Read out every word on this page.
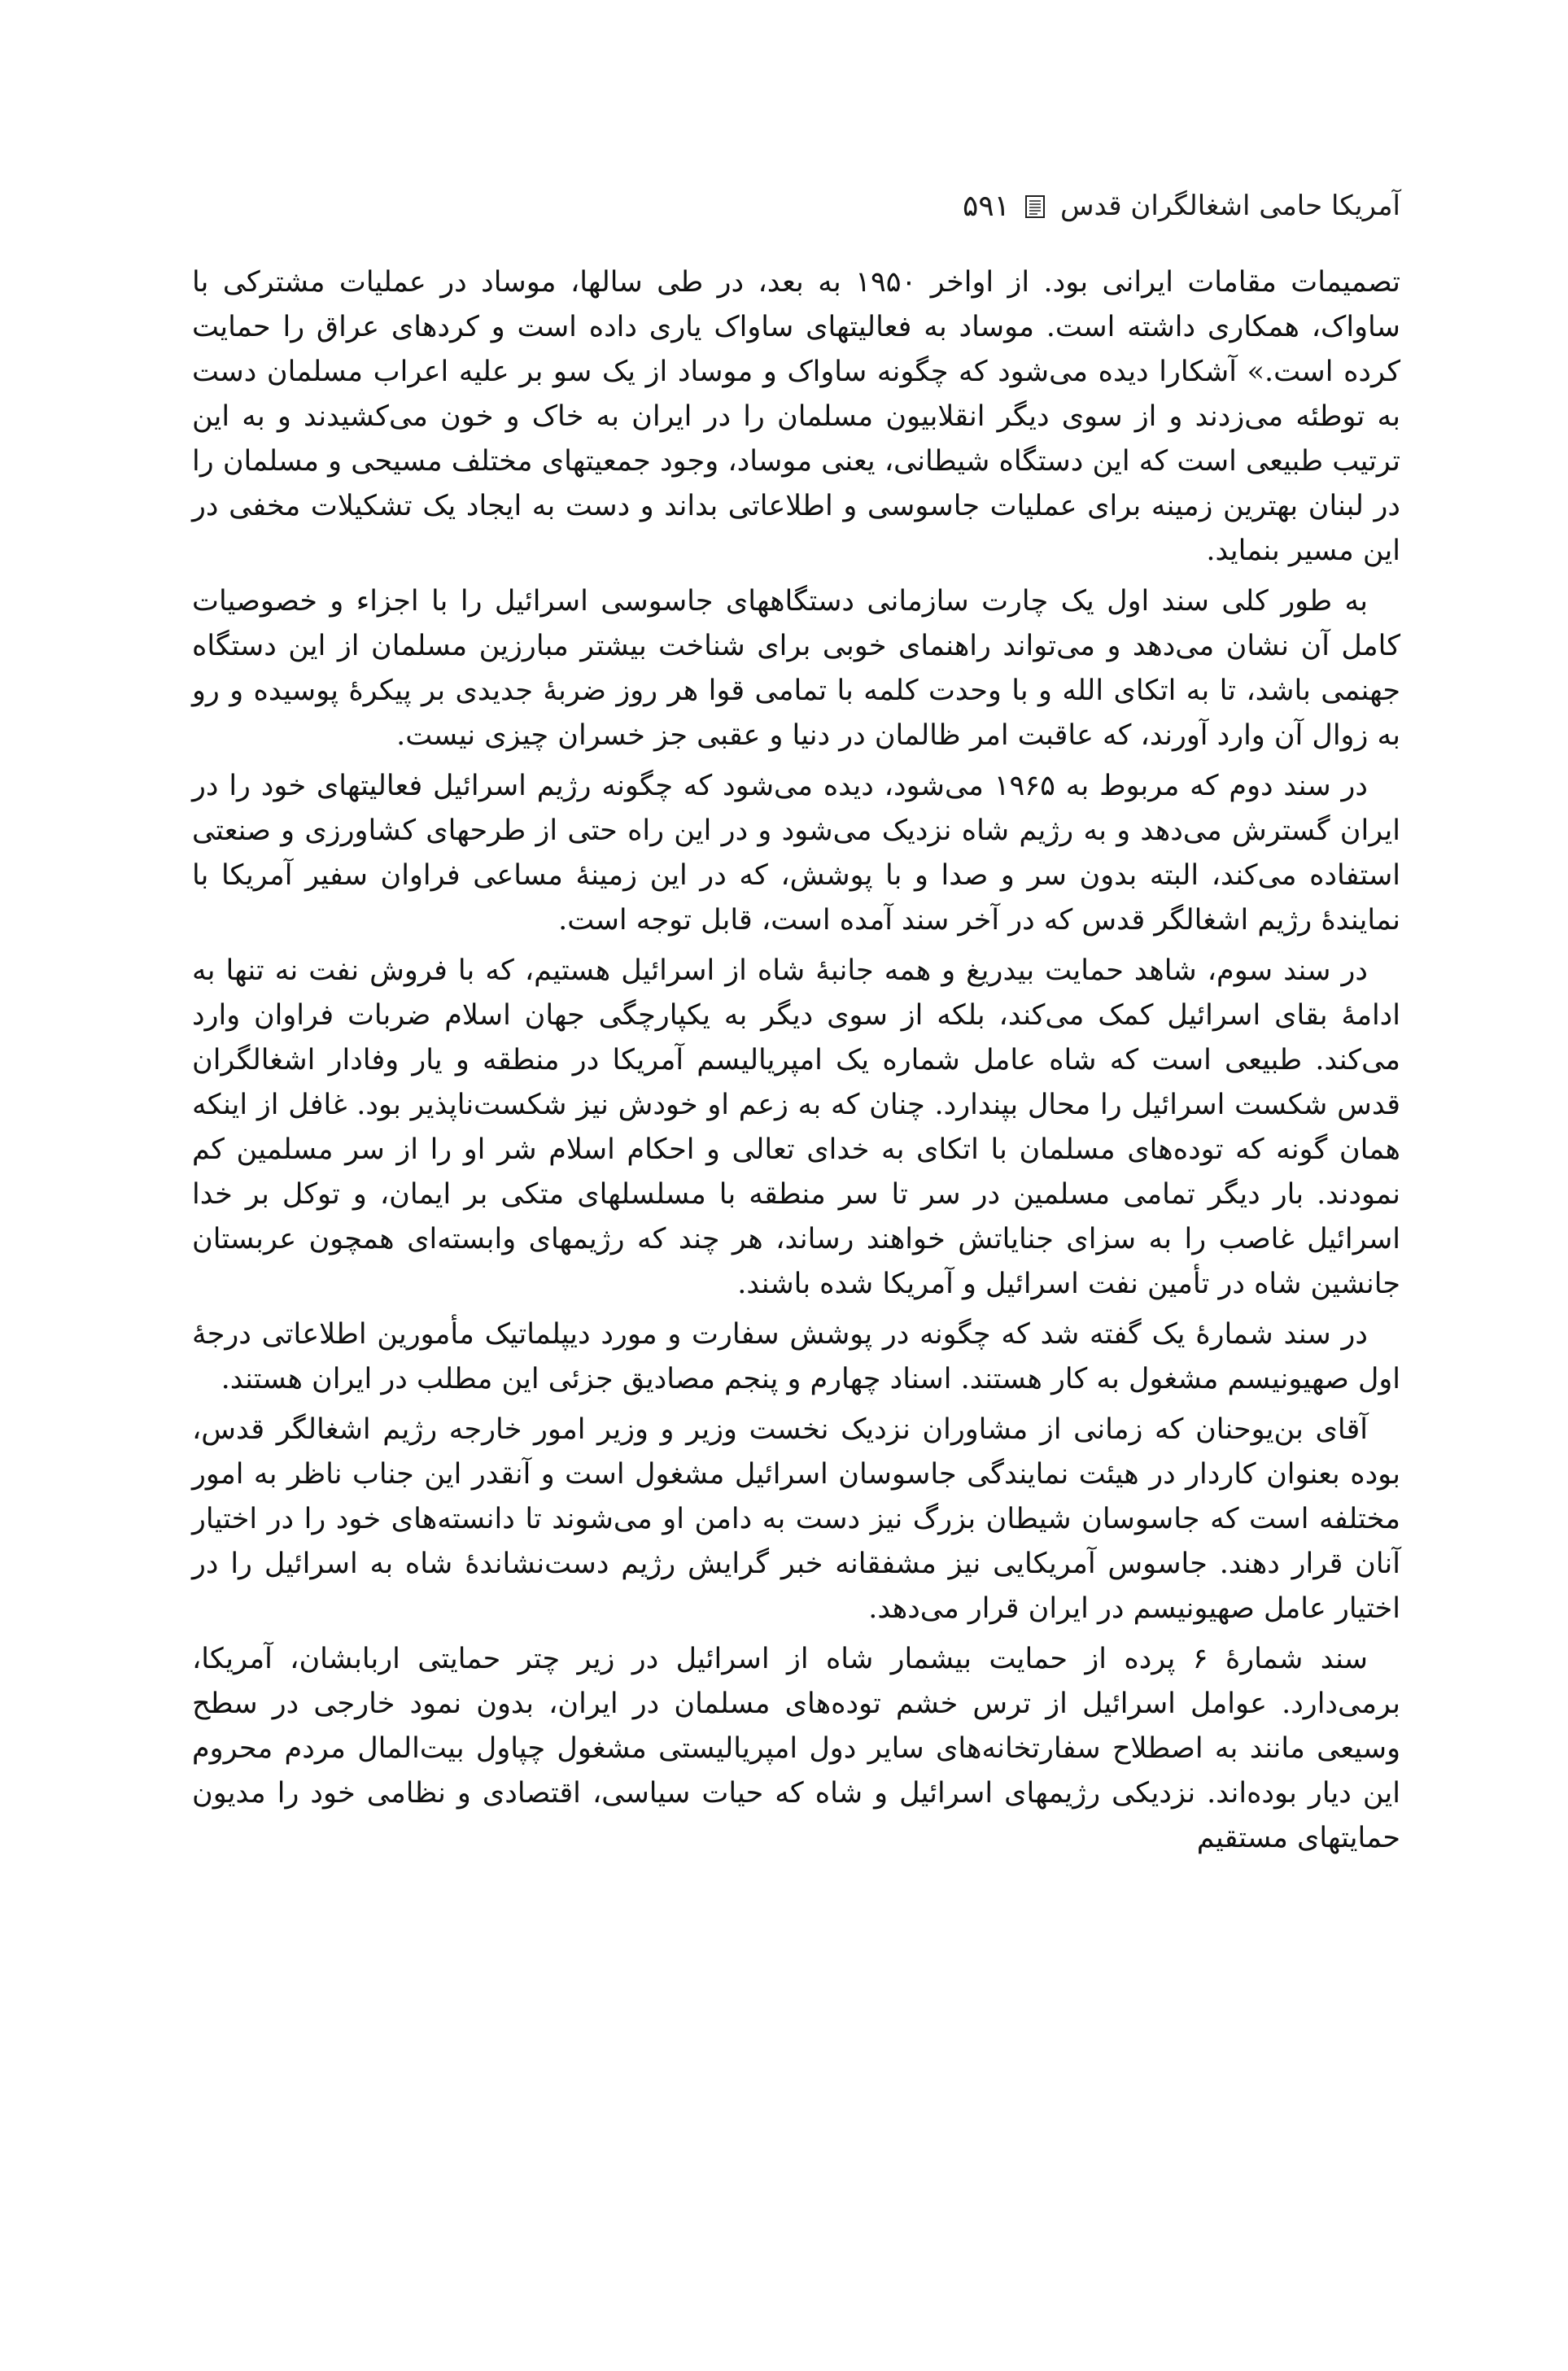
آمریکا حامی اشغالگران قدس
۵۹۱

تصمیمات مقامات ایرانی بود. از اواخر ۱۹۵۰ به بعد، در طی سالها، موساد در عملیات مشترکی با ساواک، همکاری داشته است. موساد به فعالیتهای ساواک یاری داده است و کردهای عراق را حمایت کرده است.» آشکارا دیده می‌شود که چگونه ساواک و موساد از یک سو بر علیه اعراب مسلمان دست به توطئه می‌زدند و از سوی دیگر انقلابیون مسلمان را در ایران به خاک و خون می‌کشیدند و به این ترتیب طبیعی است که این دستگاه شیطانی، یعنی موساد، وجود جمعیتهای مختلف مسیحی و مسلمان را در لبنان بهترین زمینه برای عملیات جاسوسی و اطلاعاتی بداند و دست به ایجاد یک تشکیلات مخفی در این مسیر بنماید.

به طور کلی سند اول یک چارت سازمانی دستگاههای جاسوسی اسرائیل را با اجزاء و خصوصیات کامل آن نشان می‌دهد و می‌تواند راهنمای خوبی برای شناخت بیشتر مبارزین مسلمان از این دستگاه جهنمی باشد، تا به اتکای الله و با وحدت کلمه با تمامی قوا هر روز ضربهٔ جدیدی بر پیکرهٔ پوسیده و رو به زوال آن وارد آورند، که عاقبت امر ظالمان در دنیا و عقبی جز خسران چیزی نیست.

در سند دوم که مربوط به ۱۹۶۵ می‌شود، دیده می‌شود که چگونه رژیم اسرائیل فعالیتهای خود را در ایران گسترش می‌دهد و به رژیم شاه نزدیک می‌شود و در این راه حتی از طرحهای کشاورزی و صنعتی استفاده می‌کند، البته بدون سر و صدا و با پوشش، که در این زمینهٔ مساعی فراوان سفیر آمریکا با نمایندهٔ رژیم اشغالگر قدس که در آخر سند آمده است، قابل توجه است.

در سند سوم، شاهد حمایت بیدریغ و همه جانبهٔ شاه از اسرائیل هستیم، که با فروش نفت نه تنها به ادامهٔ بقای اسرائیل کمک می‌کند، بلکه از سوی دیگر به یکپارچگی جهان اسلام ضربات فراوان وارد می‌کند. طبیعی است که شاه عامل شماره یک امپریالیسم آمریکا در منطقه و یار وفادار اشغالگران قدس شکست اسرائیل را محال بپندارد. چنان که به زعم او خودش نیز شکست‌ناپذیر بود. غافل از اینکه همان گونه که توده‌های مسلمان با اتکای به خدای تعالی و احکام اسلام شر او را از سر مسلمین کم نمودند. بار دیگر تمامی مسلمین در سر تا سر منطقه با مسلسلهای متکی بر ایمان، و توکل بر خدا اسرائیل غاصب را به سزای جنایاتش خواهند رساند، هر چند که رژیمهای وابسته‌ای همچون عربستان جانشین شاه در تأمین نفت اسرائیل و آمریکا شده باشند.

در سند شمارهٔ یک گفته شد که چگونه در پوشش سفارت و مورد دیپلماتیک مأمورین اطلاعاتی درجهٔ اول صهیونیسم مشغول به کار هستند. اسناد چهارم و پنجم مصادیق جزئی این مطلب در ایران هستند.

آقای بن‌یوحنان که زمانی از مشاوران نزدیک نخست وزیر و وزیر امور خارجه رژیم اشغالگر قدس، بوده بعنوان کاردار در هیئت نمایندگی جاسوسان اسرائیل مشغول است و آنقدر این جناب ناظر به امور مختلفه است که جاسوسان شیطان بزرگ نیز دست به دامن او می‌شوند تا دانسته‌های خود را در اختیار آنان قرار دهند. جاسوس آمریکایی نیز مشفقانه خبر گرایش رژیم دست‌نشاندهٔ شاه به اسرائیل را در اختیار عامل صهیونیسم در ایران قرار می‌دهد.

سند شمارهٔ ۶ پرده از حمایت بیشمار شاه از اسرائیل در زیر چتر حمایتی اربابشان، آمریکا، برمی‌دارد. عوامل اسرائیل از ترس خشم توده‌های مسلمان در ایران، بدون نمود خارجی در سطح وسیعی مانند به اصطلاح سفارتخانه‌های سایر دول امپریالیستی مشغول چپاول بیت‌المال مردم محروم این دیار بوده‌اند. نزدیکی رژیمهای اسرائیل و شاه که حیات سیاسی، اقتصادی و نظامی خود را مدیون حمایتهای مستقیم
